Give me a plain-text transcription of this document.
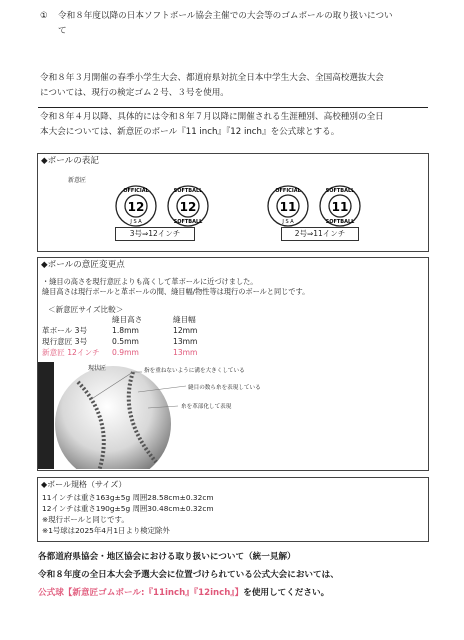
① 令和８年度以降の日本ソフトボール協会主催での大会等のゴムボールの取り扱いについ
て
令和８年３月開催の春季小学生大会、都道府県対抗全日本中学生大会、全国高校選抜大会
については、現行の検定ゴム２号、３号を使用。
令和８年４月以降、具体的には令和８年７月以降に開催される生涯種別、高校種別の全日
本大会については、新意匠のボール『11 inch』『12 inch』を公式球とする。
◆ボールの表記
新意匠
12
OFFICIAL
J S A
12
SOFTBALL
SOFTBALL
3号⇒12インチ
11
OFFICIAL
J S A
11
SOFTBALL
SOFTBALL
2号⇒11インチ
◆ボールの意匠変更点
・縫目の高さを現行意匠よりも高くして革ボールに近づけました。
縫目高さは現行ボールと革ボールの間、縫目幅/物性等は現行のボールと同じです。
＜新意匠サイズ比較＞
縫目高さ	縫目幅
革ボール 3号	1.8mm	12mm
現行意匠 3号	0.5mm	13mm
新意匠 12インチ 0.9mm	13mm
現状匠	指を重ねないように溝を大きくしている
縫目の数ら糸を表現している
糸を革部化して表現
◆ボール規格（サイズ）
11インチは重さ163g±5g 周囲28.58cm±0.32cm
12インチは重さ190g±5g 周囲30.48cm±0.32cm
※現行ボールと同じです。
※1号球は2025年4月1日より検定除外
各都道府県協会・地区協会における取り扱いについて（統一見解）
令和８年度の全日本大会予選大会に位置づけられている公式大会においては、
公式球【新意匠ゴムボール:『11inch』『12inch』】を使用してください。
